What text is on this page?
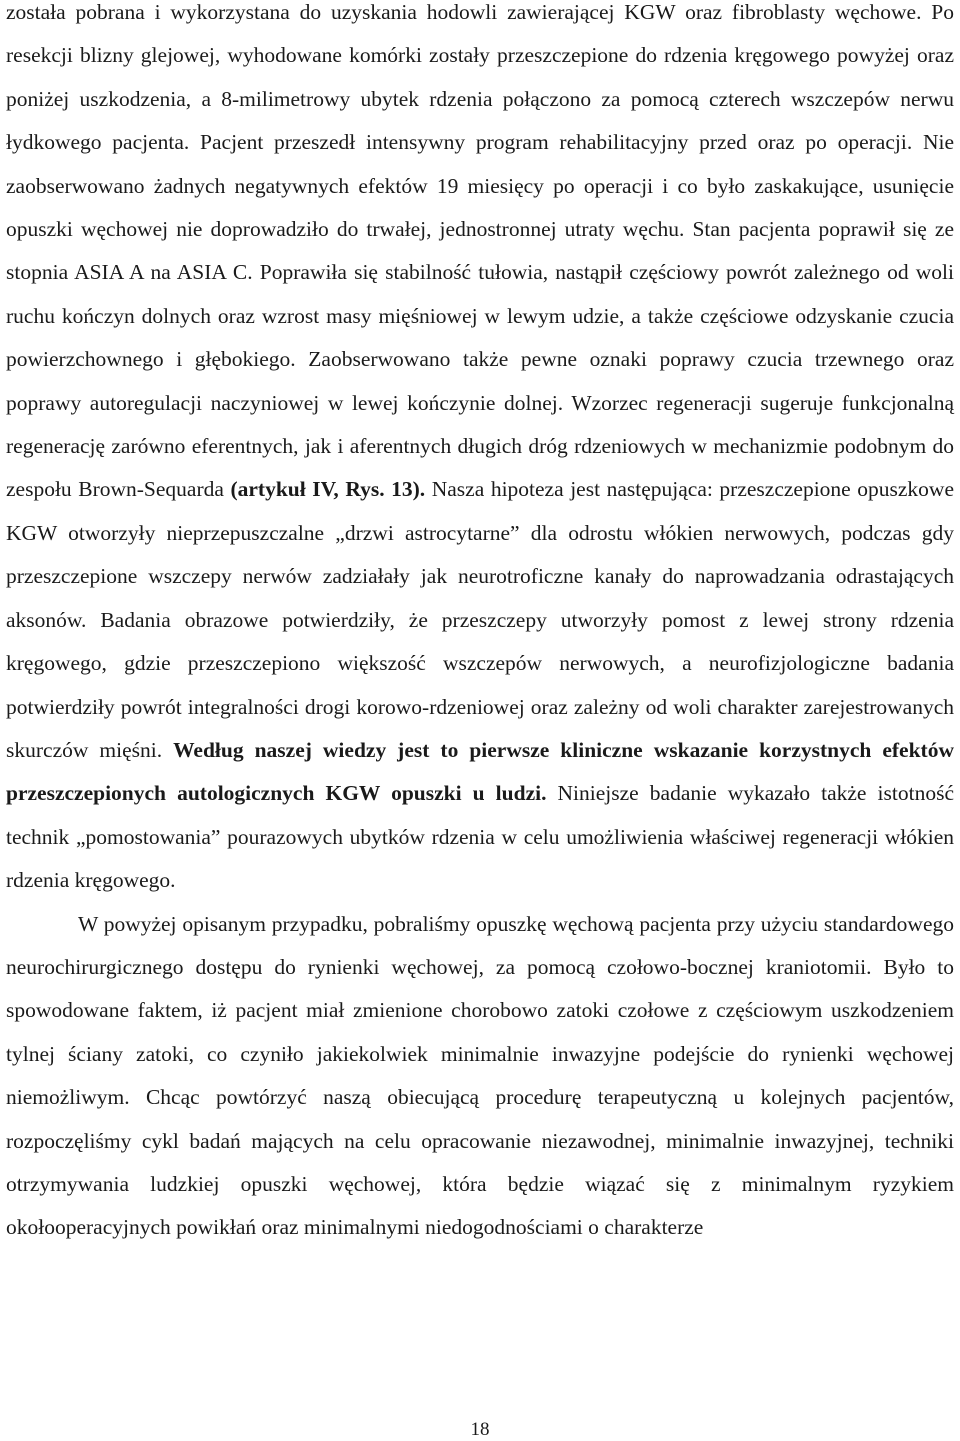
została pobrana i wykorzystana do uzyskania hodowli zawierającej KGW oraz fibroblasty węchowe. Po resekcji blizny glejowej, wyhodowane komórki zostały przeszczepione do rdzenia kręgowego powyżej oraz poniżej uszkodzenia, a 8-milimetrowy ubytek rdzenia połączono za pomocą czterech wszczepów nerwu łydkowego pacjenta. Pacjent przeszedł intensywny program rehabilitacyjny przed oraz po operacji. Nie zaobserwowano żadnych negatywnych efektów 19 miesięcy po operacji i co było zaskakujące, usunięcie opuszki węchowej nie doprowadziło do trwałej, jednostronnej utraty węchu. Stan pacjenta poprawił się ze stopnia ASIA A na ASIA C. Poprawiła się stabilność tułowia, nastąpił częściowy powrót zależnego od woli ruchu kończyn dolnych oraz wzrost masy mięśniowej w lewym udzie, a także częściowe odzyskanie czucia powierzchownego i głębokiego. Zaobserwowano także pewne oznaki poprawy czucia trzewnego oraz poprawy autoregulacji naczyniowej w lewej kończynie dolnej. Wzorzec regeneracji sugeruje funkcjonalną regenerację zarówno eferentnych, jak i aferentnych długich dróg rdzeniowych w mechanizmie podobnym do zespołu Brown-Sequarda (artykuł IV, Rys. 13). Nasza hipoteza jest następująca: przeszczepione opuszkowe KGW otworzyły nieprzepuszczalne „drzwi astrocytarne” dla odrostu włókien nerwowych, podczas gdy przeszczepione wszczepy nerwów zadziałały jak neurotroficzne kanały do naprowadzania odrastających aksonów. Badania obrazowe potwierdziły, że przeszczepy utworzyły pomost z lewej strony rdzenia kręgowego, gdzie przeszczepiono większość wszczepów nerwowych, a neurofizjologiczne badania potwierdziły powrót integralności drogi korowo-rdzeniowej oraz zależny od woli charakter zarejestrowanych skurczów mięśni. Według naszej wiedzy jest to pierwsze kliniczne wskazanie korzystnych efektów przeszczepionych autologicznych KGW opuszki u ludzi. Niniejsze badanie wykazało także istotność technik „pomostowania” pourazowych ubytków rdzenia w celu umożliwienia właściwej regeneracji włókien rdzenia kręgowego.

W powyżej opisanym przypadku, pobraliśmy opuszkę węchową pacjenta przy użyciu standardowego neurochirurgicznego dostępu do rynienki węchowej, za pomocą czołowo-bocznej kraniotomii. Było to spowodowane faktem, iż pacjent miał zmienione chorobowo zatoki czołowe z częściowym uszkodzeniem tylnej ściany zatoki, co czyniło jakiekolwiek minimalnie inwazyjne podejście do rynienki węchowej niemożliwym. Chcąc powtórzyć naszą obiecującą procedurę terapeutyczną u kolejnych pacjentów, rozpoczęliśmy cykl badań mających na celu opracowanie niezawodnej, minimalnie inwazyjnej, techniki otrzymywania ludzkiej opuszki węchowej, która będzie wiązać się z minimalnym ryzykiem okołooperacyjnych powikłań oraz minimalnymi niedogodnościami o charakterze

18
